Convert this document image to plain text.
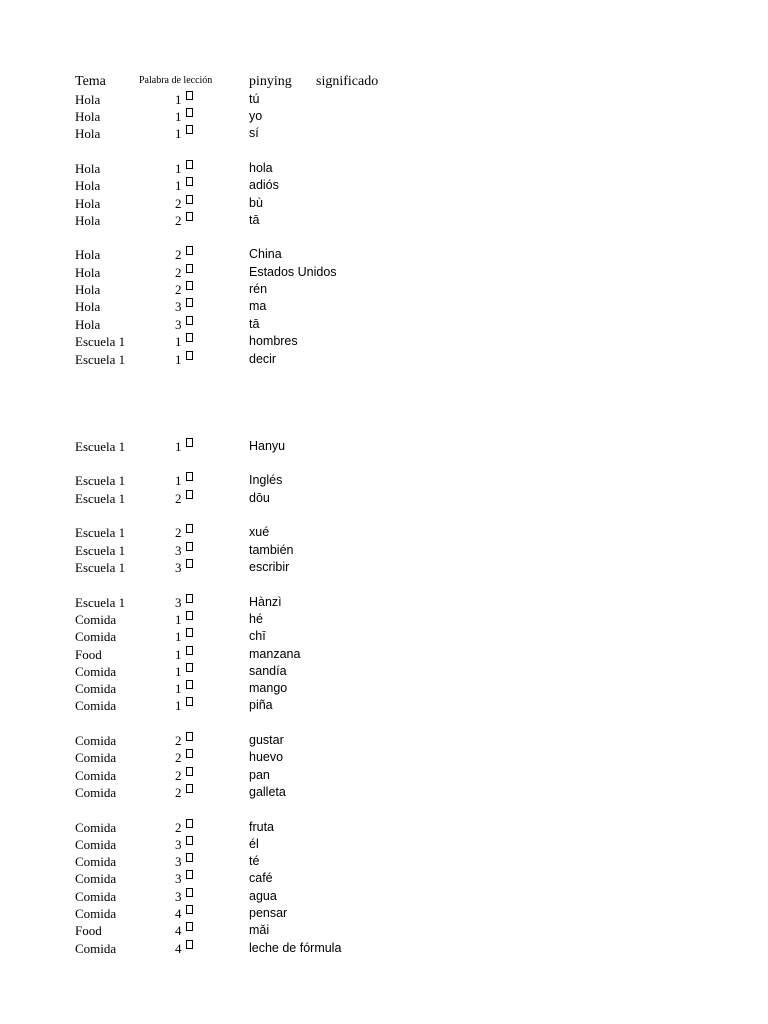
Tema	Palabra de lección	pinying significado
Hola	1	tú
Hola	1	yo
Hola	1	sí
Hola	1	hola
Hola	1	adiós
Hola	2	bù
Hola	2	tā
Hola	2	China
Hola	2	Estados Unidos
Hola	2	rén
Hola	3	ma
Hola	3	tā
Escuela 1	1	hombres
Escuela 1	1	decir
Escuela 1	1	Hanyu
Escuela 1	1	Inglés
Escuela 1	2	dōu
Escuela 1	2	xué
Escuela 1	3	también
Escuela 1	3	escribir
Escuela 1	3	Hànzì
Comida	1	hé
Comida	1	chī
Food	1	manzana
Comida	1	sandía
Comida	1	mango
Comida	1	piña
Comida	2	gustar
Comida	2	huevo
Comida	2	pan
Comida	2	galleta
Comida	2	fruta
Comida	3	él
Comida	3	té
Comida	3	café
Comida	3	agua
Comida	4	pensar
Food	4	mǎi
Comida	4	leche de fórmula
